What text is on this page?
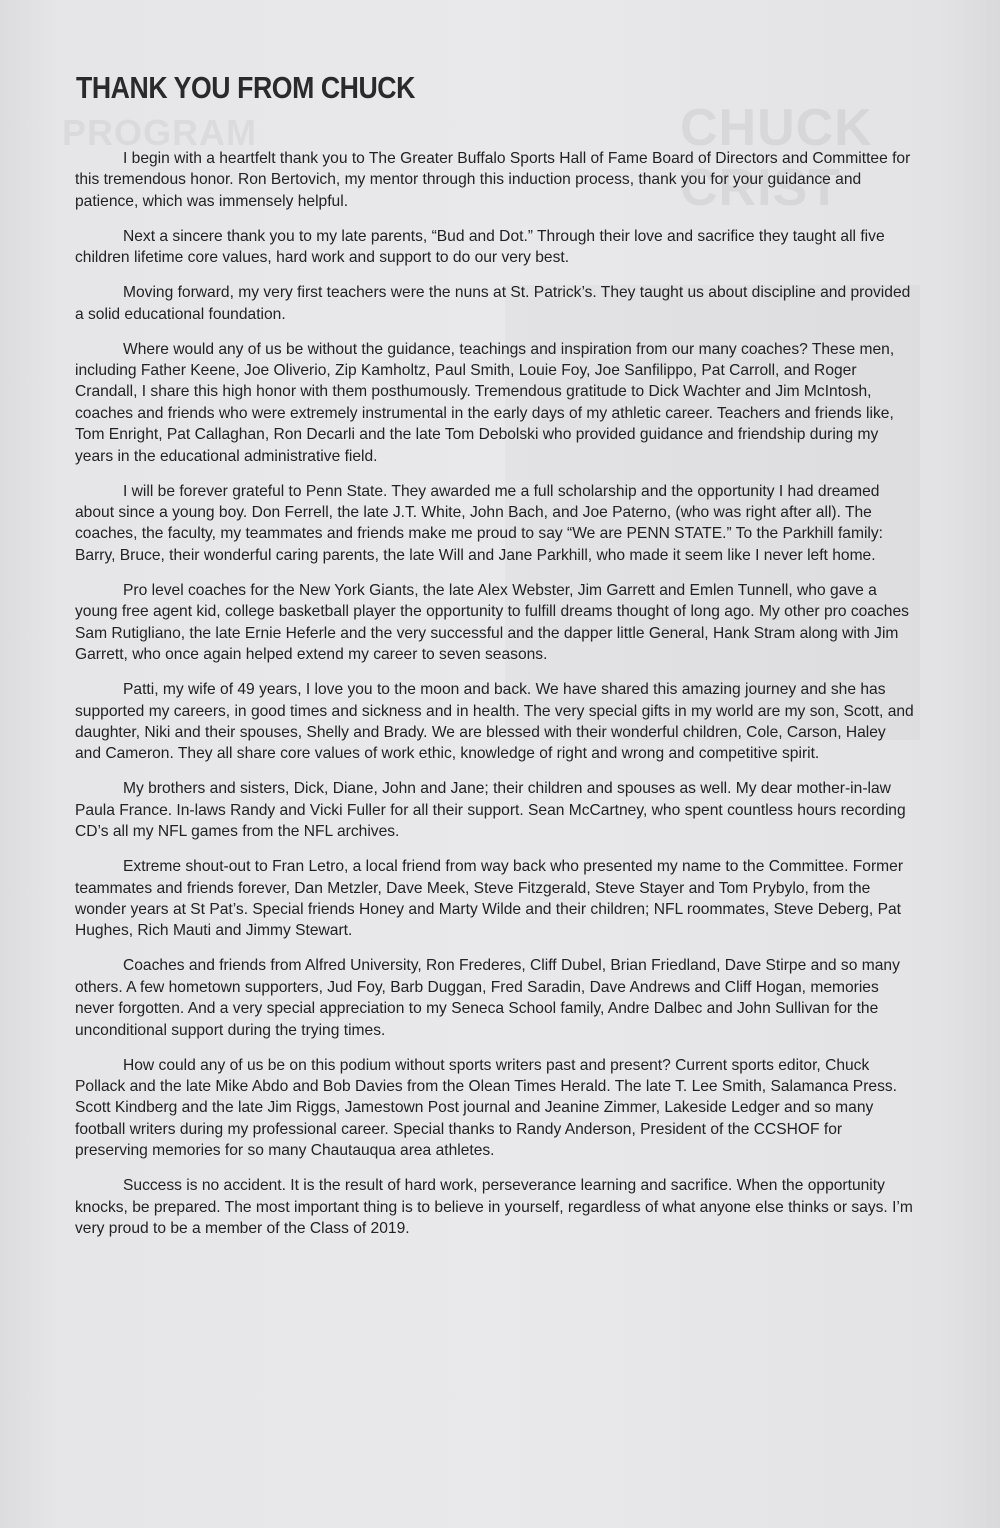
PROGRAM	CHUCK CRIST
THANK YOU FROM CHUCK

I begin with a heartfelt thank you to The Greater Buffalo Sports Hall of Fame Board of Directors and Committee for this tremendous honor. Ron Bertovich, my mentor through this induction process, thank you for your guidance and patience, which was immensely helpful.

Next a sincere thank you to my late parents, “Bud and Dot.” Through their love and sacrifice they taught all five children lifetime core values, hard work and support to do our very best.

Moving forward, my very first teachers were the nuns at St. Patrick’s. They taught us about discipline and provided a solid educational foundation.

Where would any of us be without the guidance, teachings and inspiration from our many coaches? These men, including Father Keene, Joe Oliverio, Zip Kamholtz, Paul Smith, Louie Foy, Joe Sanfilippo, Pat Carroll, and Roger Crandall, I share this high honor with them posthumously. Tremendous gratitude to Dick Wachter and Jim McIntosh, coaches and friends who were extremely instrumental in the early days of my athletic career. Teachers and friends like, Tom Enright, Pat Callaghan, Ron Decarli and the late Tom Debolski who provided guidance and friendship during my years in the educational administrative field.

I will be forever grateful to Penn State. They awarded me a full scholarship and the opportunity I had dreamed about since a young boy. Don Ferrell, the late J.T. White, John Bach, and Joe Paterno, (who was right after all). The coaches, the faculty, my teammates and friends make me proud to say “We are PENN STATE.” To the Parkhill family: Barry, Bruce, their wonderful caring parents, the late Will and Jane Parkhill, who made it seem like I never left home.

Pro level coaches for the New York Giants, the late Alex Webster, Jim Garrett and Emlen Tunnell, who gave a young free agent kid, college basketball player the opportunity to fulfill dreams thought of long ago. My other pro coaches Sam Rutigliano, the late Ernie Heferle and the very successful and the dapper little General, Hank Stram along with Jim Garrett, who once again helped extend my career to seven seasons.

Patti, my wife of 49 years, I love you to the moon and back. We have shared this amazing journey and she has supported my careers, in good times and sickness and in health. The very special gifts in my world are my son, Scott, and daughter, Niki and their spouses, Shelly and Brady. We are blessed with their wonderful children, Cole, Carson, Haley and Cameron. They all share core values of work ethic, knowledge of right and wrong and competitive spirit.

My brothers and sisters, Dick, Diane, John and Jane; their children and spouses as well. My dear mother-in-law Paula France. In-laws Randy and Vicki Fuller for all their support. Sean McCartney, who spent countless hours recording CD’s all my NFL games from the NFL archives.

Extreme shout-out to Fran Letro, a local friend from way back who presented my name to the Committee. Former teammates and friends forever, Dan Metzler, Dave Meek, Steve Fitzgerald, Steve Stayer and Tom Prybylo, from the wonder years at St Pat’s. Special friends Honey and Marty Wilde and their children; NFL roommates, Steve Deberg, Pat Hughes, Rich Mauti and Jimmy Stewart.

Coaches and friends from Alfred University, Ron Frederes, Cliff Dubel, Brian Friedland, Dave Stirpe and so many others. A few hometown supporters, Jud Foy, Barb Duggan, Fred Saradin, Dave Andrews and Cliff Hogan, memories never forgotten. And a very special appreciation to my Seneca School family, Andre Dalbec and John Sullivan for the unconditional support during the trying times.

How could any of us be on this podium without sports writers past and present? Current sports editor, Chuck Pollack and the late Mike Abdo and Bob Davies from the Olean Times Herald. The late T. Lee Smith, Salamanca Press. Scott Kindberg and the late Jim Riggs, Jamestown Post journal and Jeanine Zimmer, Lakeside Ledger and so many football writers during my professional career. Special thanks to Randy Anderson, President of the CCSHOF for preserving memories for so many Chautauqua area athletes.

Success is no accident. It is the result of hard work, perseverance learning and sacrifice. When the opportunity knocks, be prepared. The most important thing is to believe in yourself, regardless of what anyone else thinks or says. I’m very proud to be a member of the Class of 2019.
